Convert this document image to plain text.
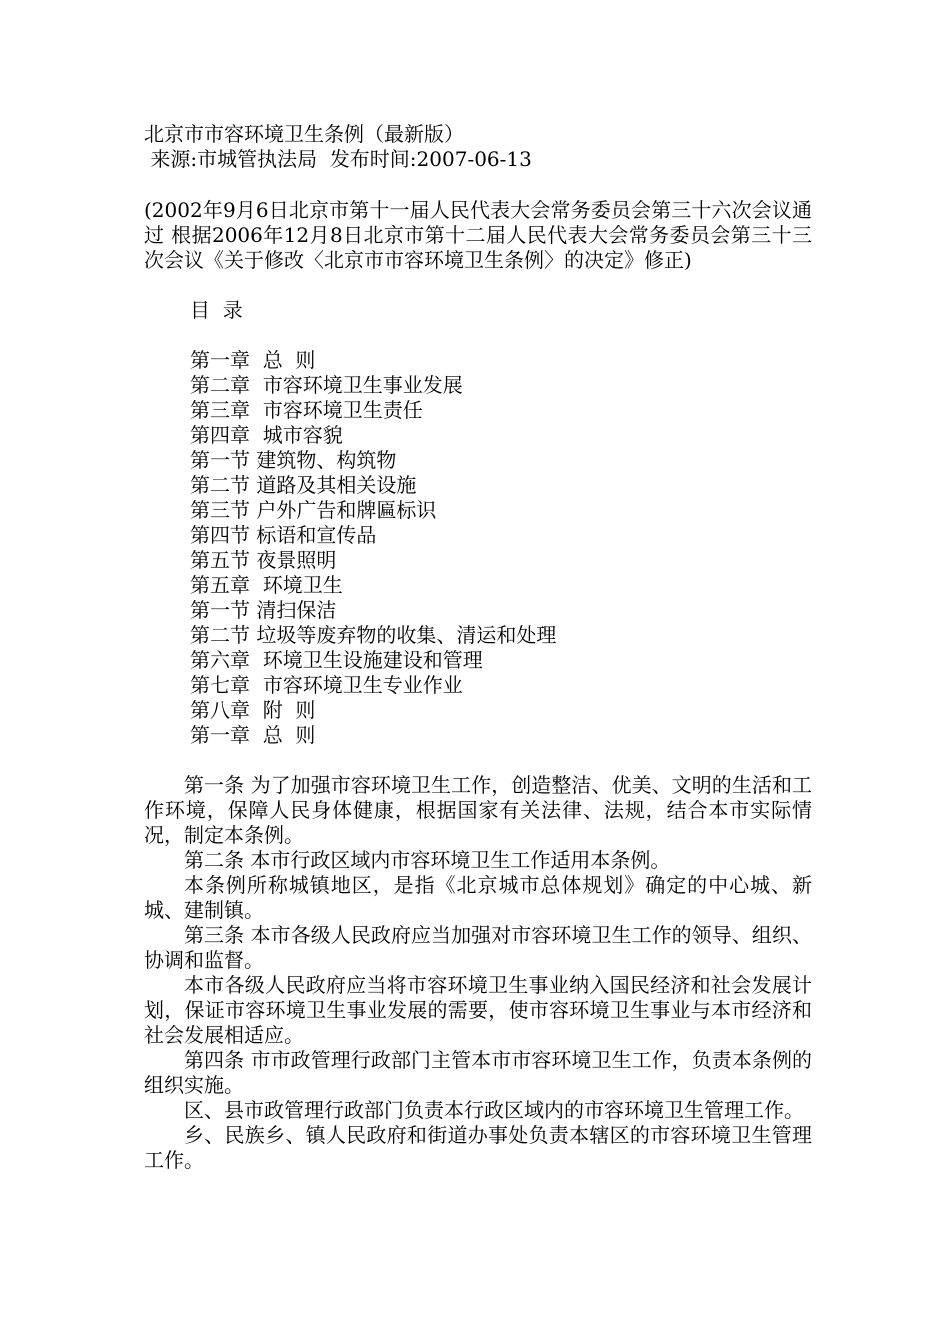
北京市市容环境卫生条例（最新版）
来源:市城管执法局  发布时间:2007-06-13
(2002年9月6日北京市第十一届人民代表大会常务委员会第三十六次会议通过 根据2006年12月8日北京市第十二届人民代表大会常务委员会第三十三次会议《关于修改〈北京市市容环境卫生条例〉的决定》修正)
目  录
第一章  总  则
第二章  市容环境卫生事业发展
第三章  市容环境卫生责任
第四章  城市容貌
第一节 建筑物、构筑物
第二节 道路及其相关设施
第三节 户外广告和牌匾标识
第四节 标语和宣传品
第五节 夜景照明
第五章  环境卫生
第一节 清扫保洁
第二节 垃圾等废弃物的收集、清运和处理
第六章  环境卫生设施建设和管理
第七章  市容环境卫生专业作业
第八章  附  则
第一章  总  则
第一条 为了加强市容环境卫生工作，创造整洁、优美、文明的生活和工作环境，保障人民身体健康，根据国家有关法律、法规，结合本市实际情况，制定本条例。
第二条 本市行政区域内市容环境卫生工作适用本条例。
本条例所称城镇地区，是指《北京城市总体规划》确定的中心城、新城、建制镇。
第三条 本市各级人民政府应当加强对市容环境卫生工作的领导、组织、协调和监督。
本市各级人民政府应当将市容环境卫生事业纳入国民经济和社会发展计划，保证市容环境卫生事业发展的需要，使市容环境卫生事业与本市经济和社会发展相适应。
第四条 市市政管理行政部门主管本市市容环境卫生工作，负责本条例的组织实施。
区、县市政管理行政部门负责本行政区域内的市容环境卫生管理工作。
乡、民族乡、镇人民政府和街道办事处负责本辖区的市容环境卫生管理工作。
